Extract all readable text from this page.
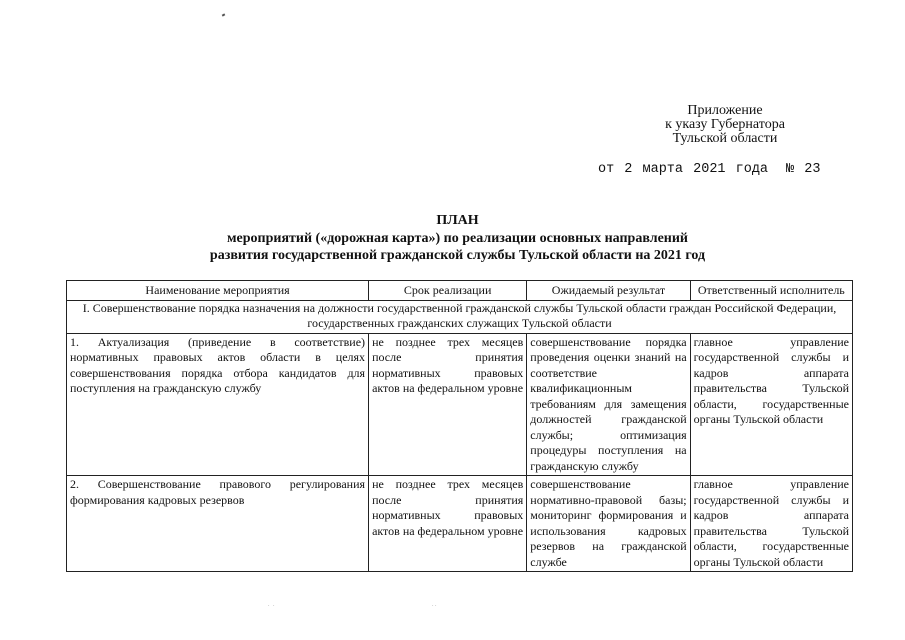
Приложение
к указу Губернатора
Тульской области
от 2 марта 2021 года № 23
ПЛАН
мероприятий («дорожная карта») по реализации основных направлений
развития государственной гражданской службы Тульской области на 2021 год
Наименование мероприятия	Срок реализации	Ожидаемый результат	Ответственный исполнитель
I. Совершенствование порядка назначения на должности государственной гражданской службы Тульской области граждан Российской Федерации, государственных гражданских служащих Тульской области			
1. Актуализация (приведение в соответствие) нормативных правовых актов области в целях совершенствования порядка отбора кандидатов для поступления на гражданскую службу	не позднее трех месяцев после принятия нормативных правовых актов на федеральном уровне	совершенствование порядка проведения оценки знаний на соответствие квалификационным требованиям для замещения должностей гражданской службы; оптимизация процедуры поступления на гражданскую службу	главное управление государственной службы и кадров аппарата правительства Тульской области, государственные органы Тульской области
2. Совершенствование правового регулирования формирования кадровых резервов	не позднее трех месяцев после принятия нормативных правовых актов на федеральном уровне	совершенствование нормативно-правовой базы; мониторинг формирования и использования кадровых резервов на гражданской службе	главное управление государственной службы и кадров аппарата правительства Тульской области, государственные органы Тульской области
. .	. .
